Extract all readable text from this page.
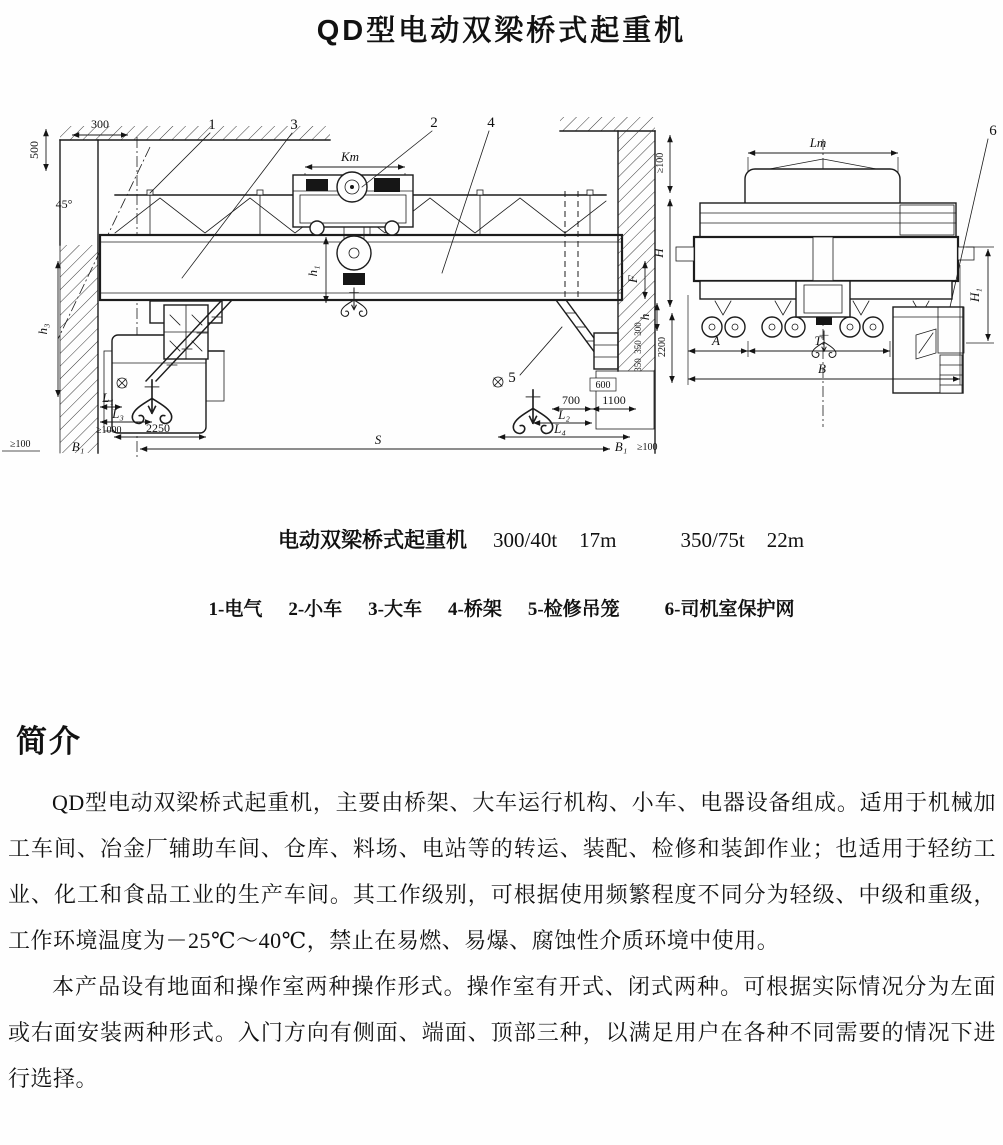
QD型电动双梁桥式起重机
500
300
45°
Kт
h₁
1	3	2	4
≥100
H
F
h
300
350
350
2200
h₃
L₁
L₃
≥1000 2250
B₁
≥100
5	600
700 1100
L₂
L₄
B₁ ≥100
S
Lт
6
H₁
A	T
B
电动双梁桥式起重机 300/40t 17m	350/75t 22m
1-电气 2-小车 3-大车 4-桥架 5-检修吊笼 6-司机室保护网
简介

QD型电动双梁桥式起重机，主要由桥架、大车运行机构、小车、电器设备组成。适用于机械加工车间、冶金厂辅助车间、仓库、料场、电站等的转运、装配、检修和装卸作业；也适用于轻纺工业、化工和食品工业的生产车间。其工作级别，可根据使用频繁程度不同分为轻级、中级和重级，工作环境温度为－25℃～40℃，禁止在易燃、易爆、腐蚀性介质环境中使用。

本产品设有地面和操作室两种操作形式。操作室有开式、闭式两种。可根据实际情况分为左面或右面安装两种形式。入门方向有侧面、端面、顶部三种，以满足用户在各种不同需要的情况下进行选择。
